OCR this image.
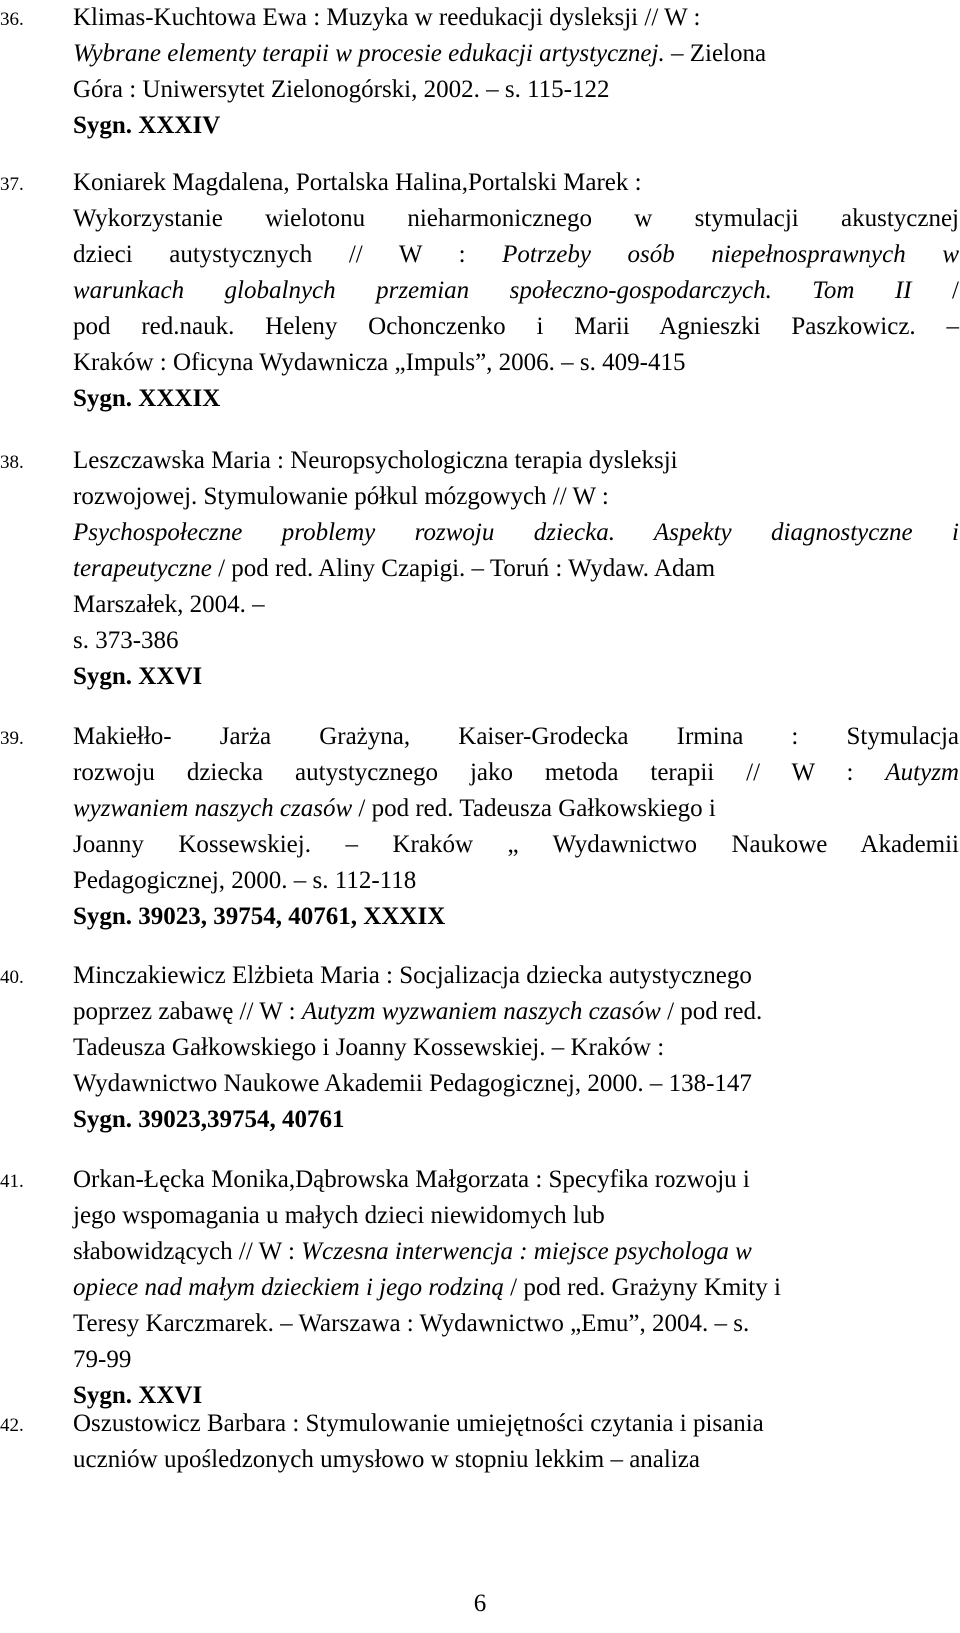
6
36. Klimas-Kuchtowa Ewa : Muzyka w reedukacji dysleksji // W :
Wybrane elementy terapii w procesie edukacji artystycznej. – Zielona
Góra : Uniwersytet Zielonogórski, 2002. – s. 115-122
Sygn. XXXIV
37. Koniarek Magdalena, Portalska Halina,Portalski Marek :
Wykorzystanie wielotonu nieharmonicznego w stymulacji akustycznej
dzieci autystycznych // W : Potrzeby osób niepełnosprawnych w
warunkach globalnych przemian społeczno-gospodarczych. Tom II /
pod red.nauk. Heleny Ochonczenko i Marii Agnieszki Paszkowicz. –
Kraków : Oficyna Wydawnicza „Impuls”, 2006. – s. 409-415
Sygn. XXXIX
38. Leszczawska Maria : Neuropsychologiczna terapia dysleksji
rozwojowej. Stymulowanie półkul mózgowych // W :
Psychospołeczne problemy rozwoju dziecka. Aspekty diagnostyczne i
terapeutyczne / pod red. Aliny Czapigi. – Toruń : Wydaw. Adam
Marszałek, 2004. –
s. 373-386
Sygn. XXVI
39. Makiełło- Jarża Grażyna, Kaiser-Grodecka Irmina : Stymulacja
rozwoju dziecka autystycznego jako metoda terapii // W : Autyzm
wyzwaniem naszych czasów / pod red. Tadeusza Gałkowskiego i
Joanny Kossewskiej. – Kraków „ Wydawnictwo Naukowe Akademii
Pedagogicznej, 2000. – s. 112-118
Sygn. 39023, 39754, 40761, XXXIX
40. Minczakiewicz Elżbieta Maria : Socjalizacja dziecka autystycznego
poprzez zabawę // W : Autyzm wyzwaniem naszych czasów / pod red.
Tadeusza Gałkowskiego i Joanny Kossewskiej. – Kraków :
Wydawnictwo Naukowe Akademii Pedagogicznej, 2000. – 138-147
Sygn. 39023,39754, 40761
41. Orkan-Łęcka Monika,Dąbrowska Małgorzata : Specyfika rozwoju i
jego wspomagania u małych dzieci niewidomych lub
słabowidzących // W : Wczesna interwencja : miejsce psychologa w
opiece nad małym dzieckiem i jego rodziną / pod red. Grażyny Kmity i
Teresy Karczmarek. – Warszawa : Wydawnictwo „Emu”, 2004. – s.
79-99
Sygn. XXVI
42. Oszustowicz Barbara : Stymulowanie umiejętności czytania i pisania
uczniów upośledzonych umysłowo w stopniu lekkim – analiza
